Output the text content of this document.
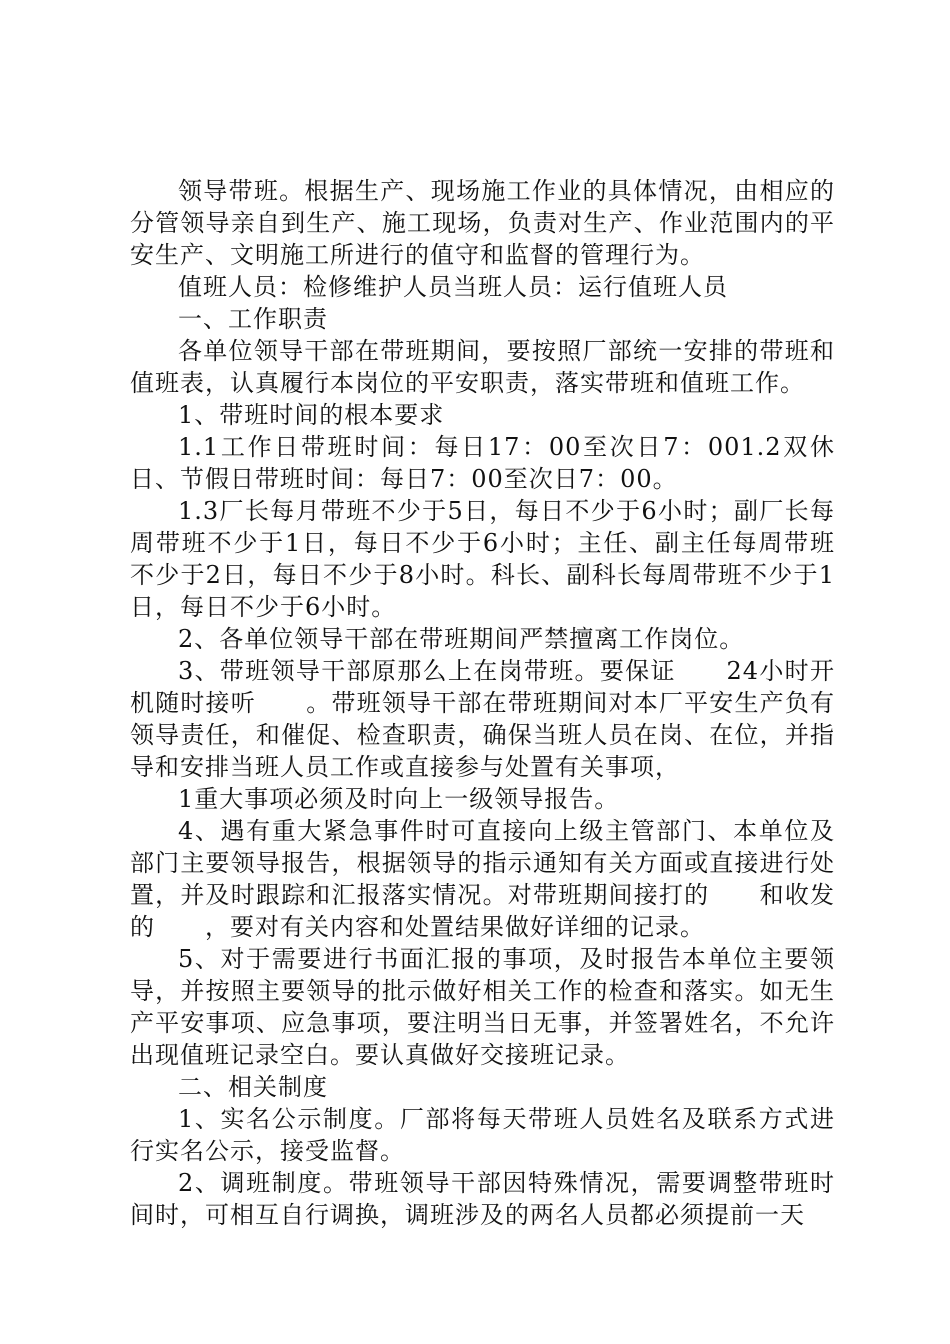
领导带班。根据生产、现场施工作业的具体情况，由相应的分管领导亲自到生产、施工现场，负责对生产、作业范围内的平安生产、文明施工所进行的值守和监督的管理行为。

值班人员：检修维护人员当班人员：运行值班人员

一、工作职责

各单位领导干部在带班期间，要按照厂部统一安排的带班和值班表，认真履行本岗位的平安职责，落实带班和值班工作。

1、带班时间的根本要求

1.1工作日带班时间：每日17：00至次日7：001.2双休日、节假日带班时间：每日7：00至次日7：00。

1.3厂长每月带班不少于5日，每日不少于6小时；副厂长每周带班不少于1日，每日不少于6小时；主任、副主任每周带班不少于2日，每日不少于8小时。科长、副科长每周带班不少于1日，每日不少于6小时。

2、各单位领导干部在带班期间严禁擅离工作岗位。

3、带班领导干部原那么上在岗带班。要保证　　24小时开机随时接听　　。带班领导干部在带班期间对本厂平安生产负有领导责任，和催促、检查职责，确保当班人员在岗、在位，并指导和安排当班人员工作或直接参与处置有关事项，

1重大事项必须及时向上一级领导报告。

4、遇有重大紧急事件时可直接向上级主管部门、本单位及部门主要领导报告，根据领导的指示通知有关方面或直接进行处置，并及时跟踪和汇报落实情况。对带班期间接打的　　和收发的　　，要对有关内容和处置结果做好详细的记录。

5、对于需要进行书面汇报的事项，及时报告本单位主要领导，并按照主要领导的批示做好相关工作的检查和落实。如无生产平安事项、应急事项，要注明当日无事，并签署姓名，不允许出现值班记录空白。要认真做好交接班记录。

二、相关制度

1、实名公示制度。厂部将每天带班人员姓名及联系方式进行实名公示，接受监督。

2、调班制度。带班领导干部因特殊情况，需要调整带班时间时，可相互自行调换，调班涉及的两名人员都必须提前一天
